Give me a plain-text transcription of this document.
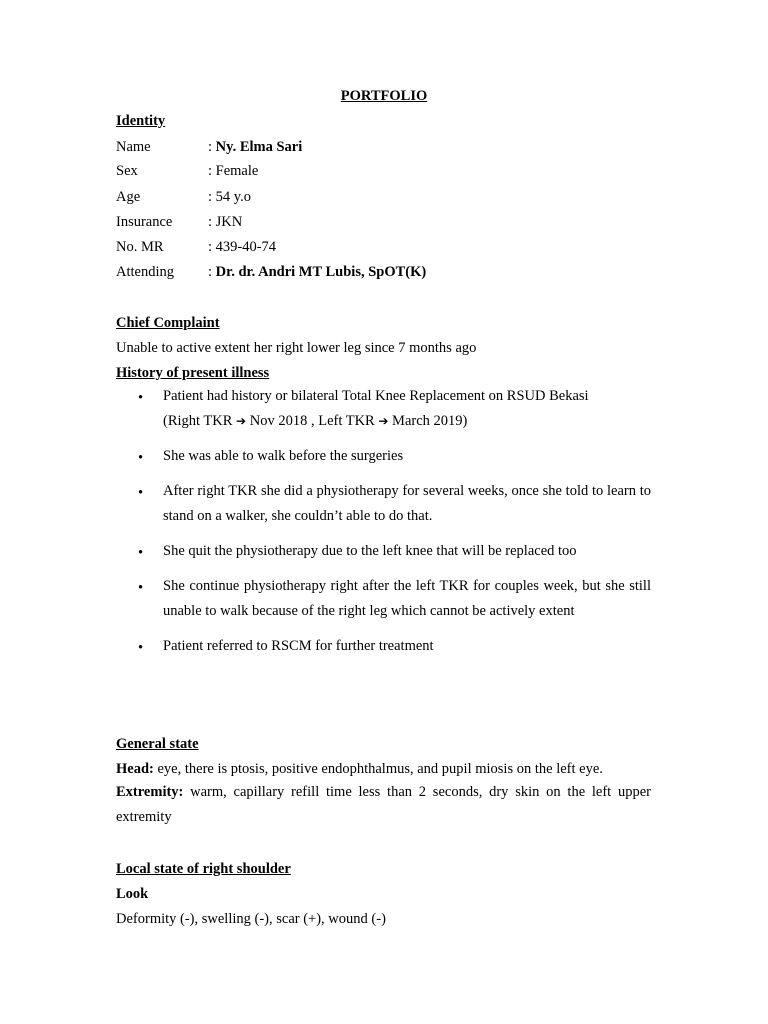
PORTFOLIO
Identity
Name	: Ny. Elma Sari
Sex	: Female
Age	: 54 y.o
Insurance : JKN
No. MR	: 439-40-74
Attending : Dr. dr. Andri MT Lubis, SpOT(K)
Chief Complaint
Unable to active extent her right lower leg since 7 months ago
History of present illness
• Patient had history or bilateral Total Knee Replacement on RSUD Bekasi
(Right TKR ➔ Nov 2018 , Left TKR ➔ March 2019)
• She was able to walk before the surgeries
• After right TKR she did a physiotherapy for several weeks, once she told to learn to stand on a walker, she couldn’t able to do that.
• She quit the physiotherapy due to the left knee that will be replaced too
• She continue physiotherapy right after the left TKR for couples week, but she still unable to walk because of the right leg which cannot be actively extent
• Patient referred to RSCM for further treatment
General state
Head: eye, there is ptosis, positive endophthalmus, and pupil miosis on the left eye.
Extremity: warm, capillary refill time less than 2 seconds, dry skin on the left upper extremity
Local state of right shoulder
Look
Deformity (-), swelling (-), scar (+), wound (-)
